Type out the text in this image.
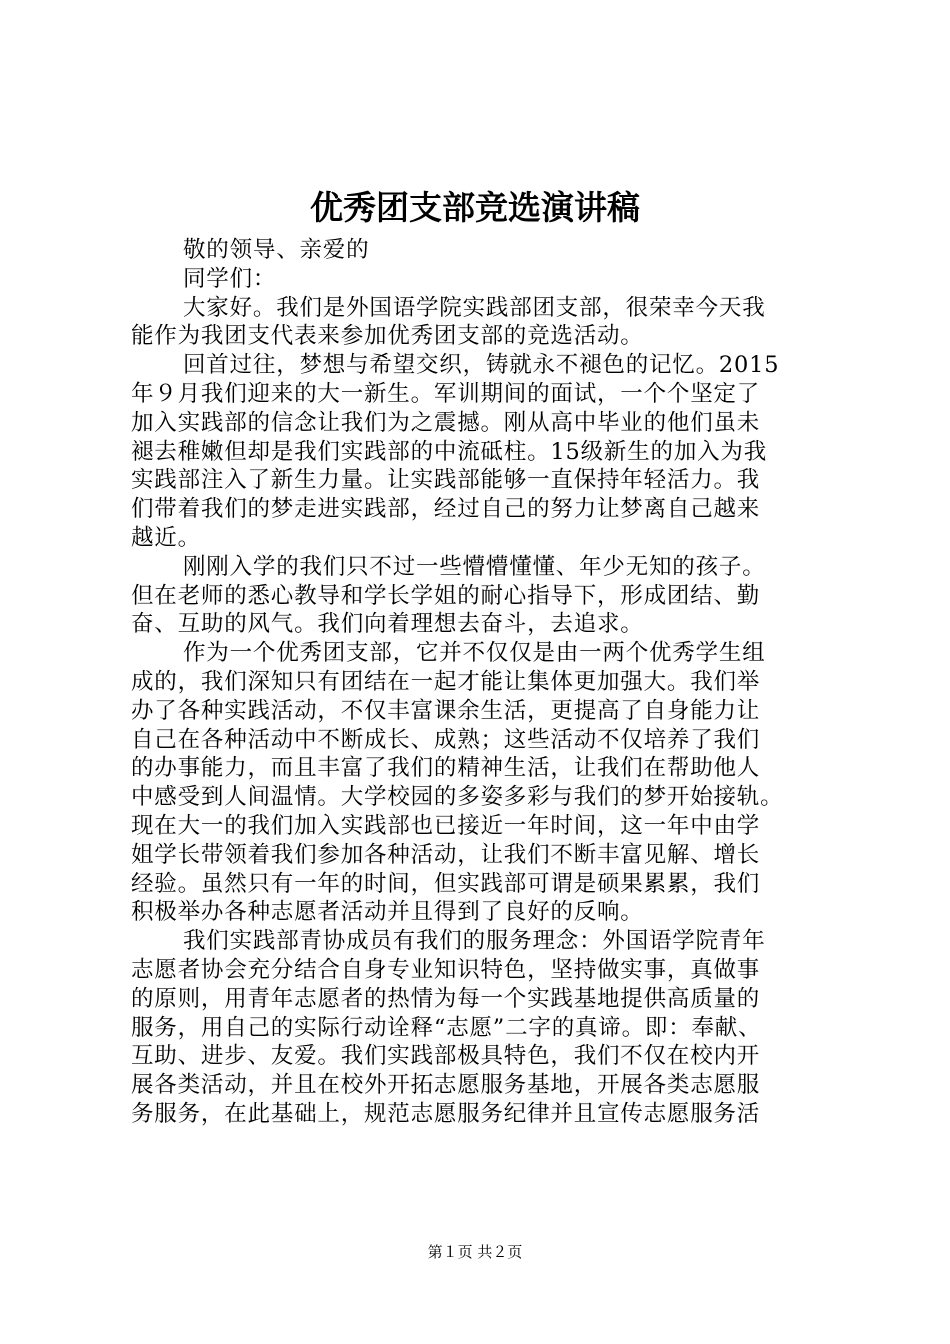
优秀团支部竞选演讲稿
敬的领导、亲爱的
同学们：
大家好。我们是外国语学院实践部团支部，很荣幸今天我
能作为我团支代表来参加优秀团支部的竞选活动。
回首过往，梦想与希望交织，铸就永不褪色的记忆。2015
年９月我们迎来的大一新生。军训期间的面试，一个个坚定了
加入实践部的信念让我们为之震撼。刚从高中毕业的他们虽未
褪去稚嫩但却是我们实践部的中流砥柱。15级新生的加入为我
实践部注入了新生力量。让实践部能够一直保持年轻活力。我
们带着我们的梦走进实践部，经过自己的努力让梦离自己越来
越近。
刚刚入学的我们只不过一些懵懵懂懂、年少无知的孩子。
但在老师的悉心教导和学长学姐的耐心指导下，形成团结、勤
奋、互助的风气。我们向着理想去奋斗，去追求。
作为一个优秀团支部，它并不仅仅是由一两个优秀学生组
成的，我们深知只有团结在一起才能让集体更加强大。我们举
办了各种实践活动，不仅丰富课余生活，更提高了自身能力让
自己在各种活动中不断成长、成熟；这些活动不仅培养了我们
的办事能力，而且丰富了我们的精神生活，让我们在帮助他人
中感受到人间温情。大学校园的多姿多彩与我们的梦开始接轨。
现在大一的我们加入实践部也已接近一年时间，这一年中由学
姐学长带领着我们参加各种活动，让我们不断丰富见解、增长
经验。虽然只有一年的时间，但实践部可谓是硕果累累，我们
积极举办各种志愿者活动并且得到了良好的反响。
我们实践部青协成员有我们的服务理念：外国语学院青年
志愿者协会充分结合自身专业知识特色，坚持做实事，真做事
的原则，用青年志愿者的热情为每一个实践基地提供高质量的
服务，用自己的实际行动诠释“志愿”二字的真谛。即：奉献、
互助、进步、友爱。我们实践部极具特色，我们不仅在校内开
展各类活动，并且在校外开拓志愿服务基地，开展各类志愿服
务服务，在此基础上，规范志愿服务纪律并且宣传志愿服务活
第１页 共２页
